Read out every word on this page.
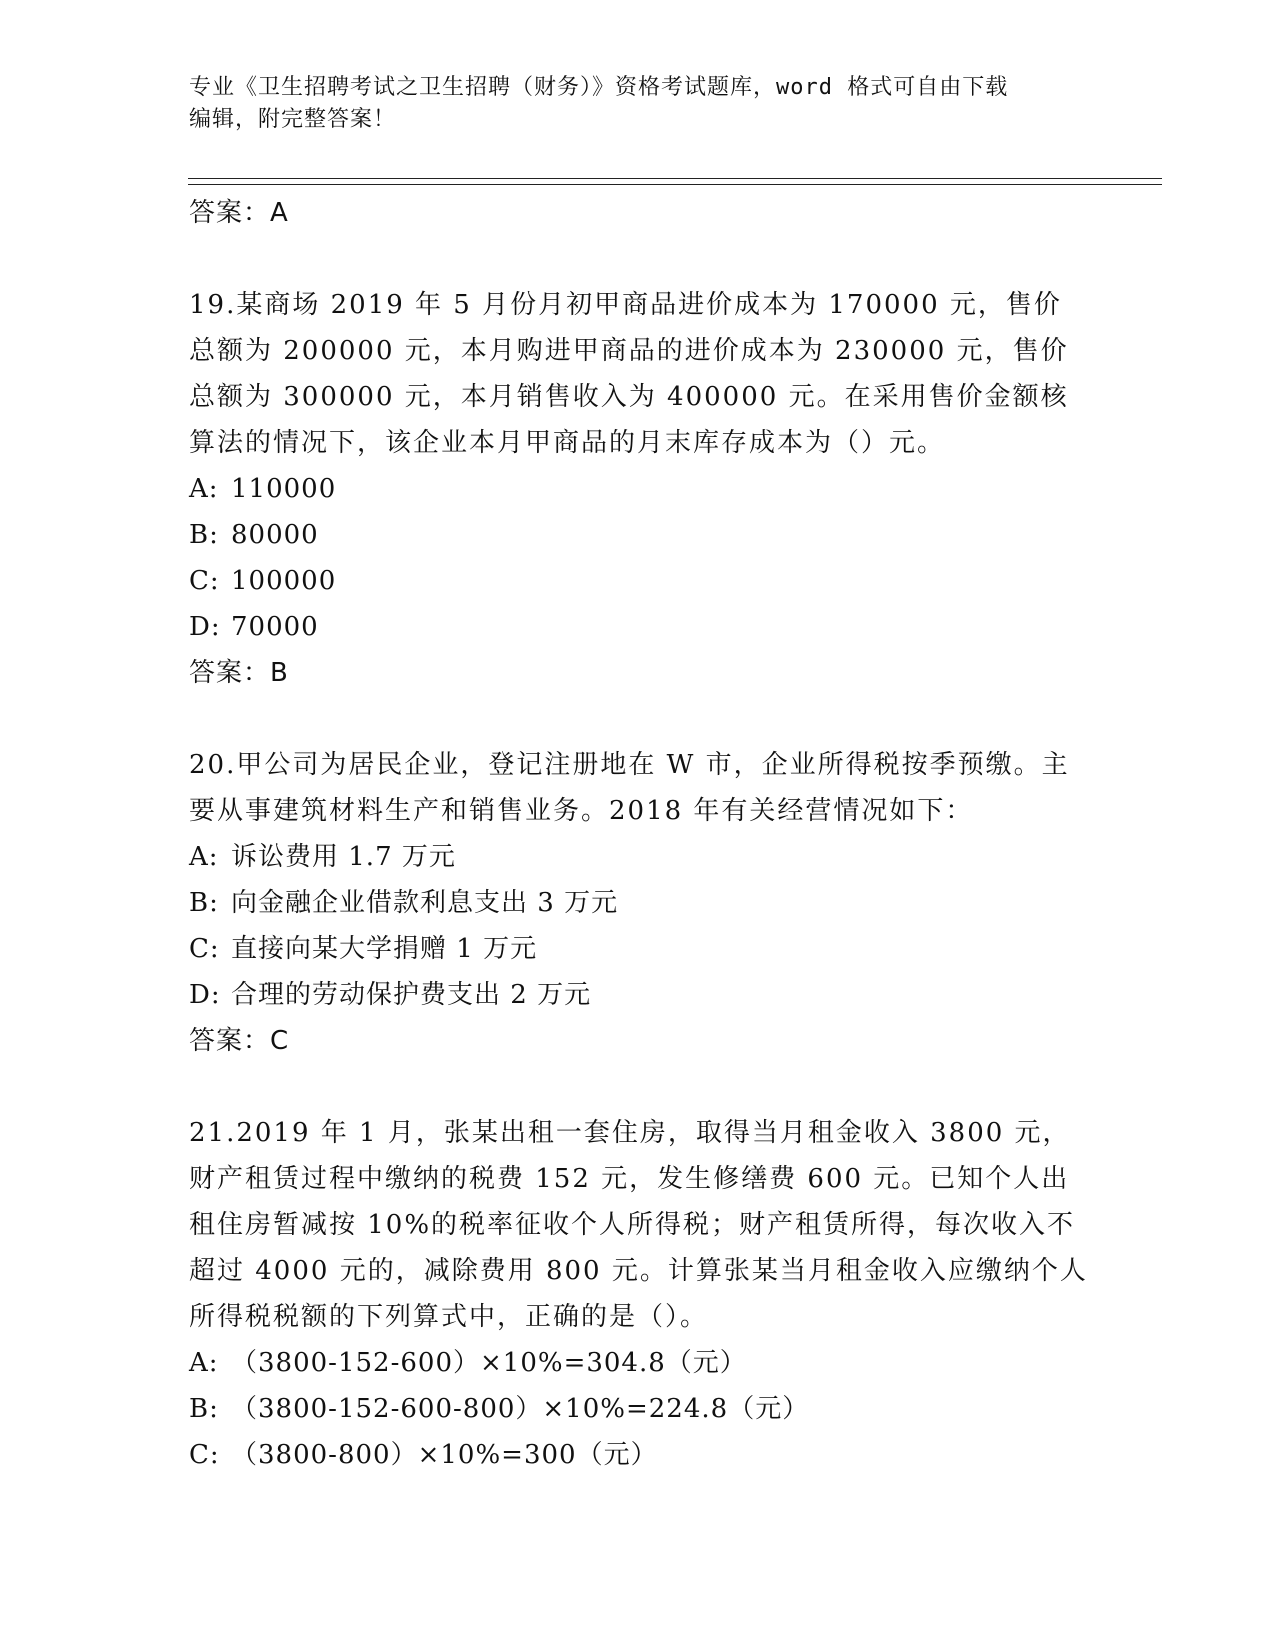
专业《卫生招聘考试之卫生招聘（财务）》资格考试题库，word 格式可自由下载
编辑，附完整答案！
答案：A

19.某商场 2019 年 5 月份月初甲商品进价成本为 170000 元，售价总额为 200000 元，本月购进甲商品的进价成本为 230000 元，售价总额为 300000 元，本月销售收入为 400000 元。在采用售价金额核算法的情况下，该企业本月甲商品的月末库存成本为（）元。

A: 110000
B: 80000
C: 100000
D: 70000
答案：B

20.甲公司为居民企业，登记注册地在 W 市，企业所得税按季预缴。主要从事建筑材料生产和销售业务。2018 年有关经营情况如下：

A: 诉讼费用 1.7 万元
B: 向金融企业借款利息支出 3 万元
C: 直接向某大学捐赠 1 万元
D: 合理的劳动保护费支出 2 万元
答案：C

21.2019 年 1 月，张某出租一套住房，取得当月租金收入 3800 元，财产租赁过程中缴纳的税费 152 元，发生修缮费 600 元。已知个人出租住房暂减按 10%的税率征收个人所得税；财产租赁所得，每次收入不超过 4000 元的，减除费用 800 元。计算张某当月租金收入应缴纳个人所得税税额的下列算式中，正确的是（）。

A: （3800-152-600）×10%=304.8（元）
B: （3800-152-600-800）×10%=224.8（元）
C: （3800-800）×10%=300（元）
